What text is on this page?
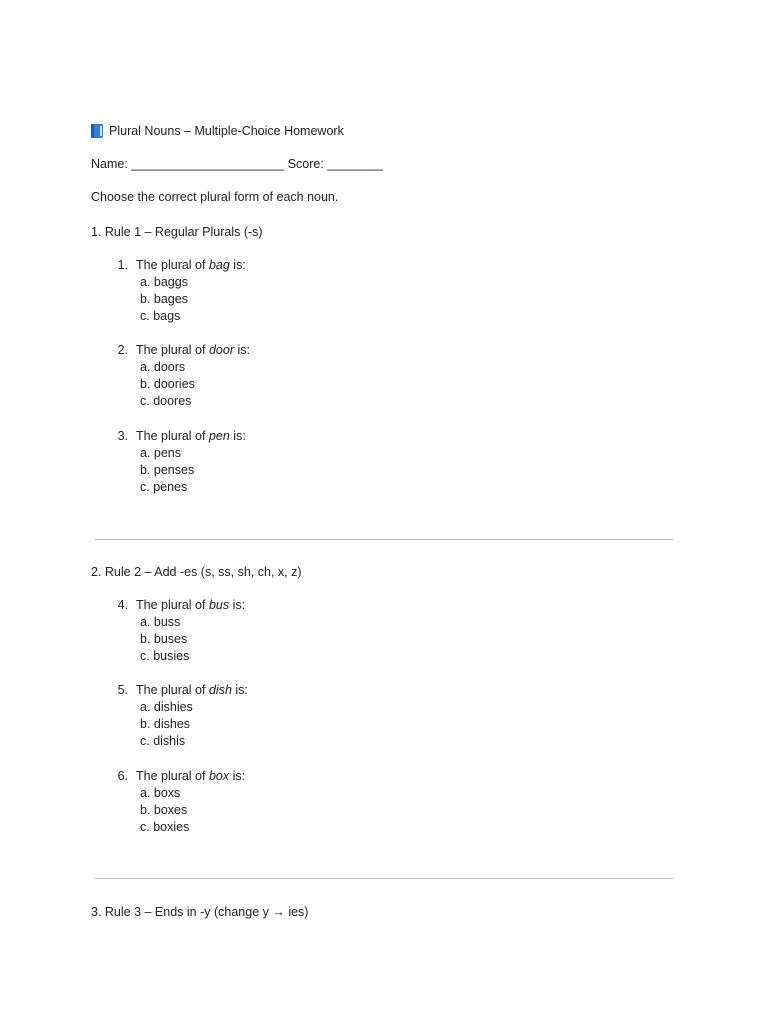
Plural Nouns – Multiple-Choice Homework
Name: ______________________ Score: ________
Choose the correct plural form of each noun.
1. Rule 1 – Regular Plurals (-s)
1. The plural of bag is:
a. baggs
b. bages
c. bags
2. The plural of door is:
a. doors
b. doories
c. doores
3. The plural of pen is:
a. pens
b. penses
c. penes
2. Rule 2 – Add -es (s, ss, sh, ch, x, z)
4. The plural of bus is:
a. buss
b. buses
c. busies
5. The plural of dish is:
a. dishies
b. dishes
c. dishis
6. The plural of box is:
a. boxs
b. boxes
c. boxies
3. Rule 3 – Ends in -y (change y → ies)
